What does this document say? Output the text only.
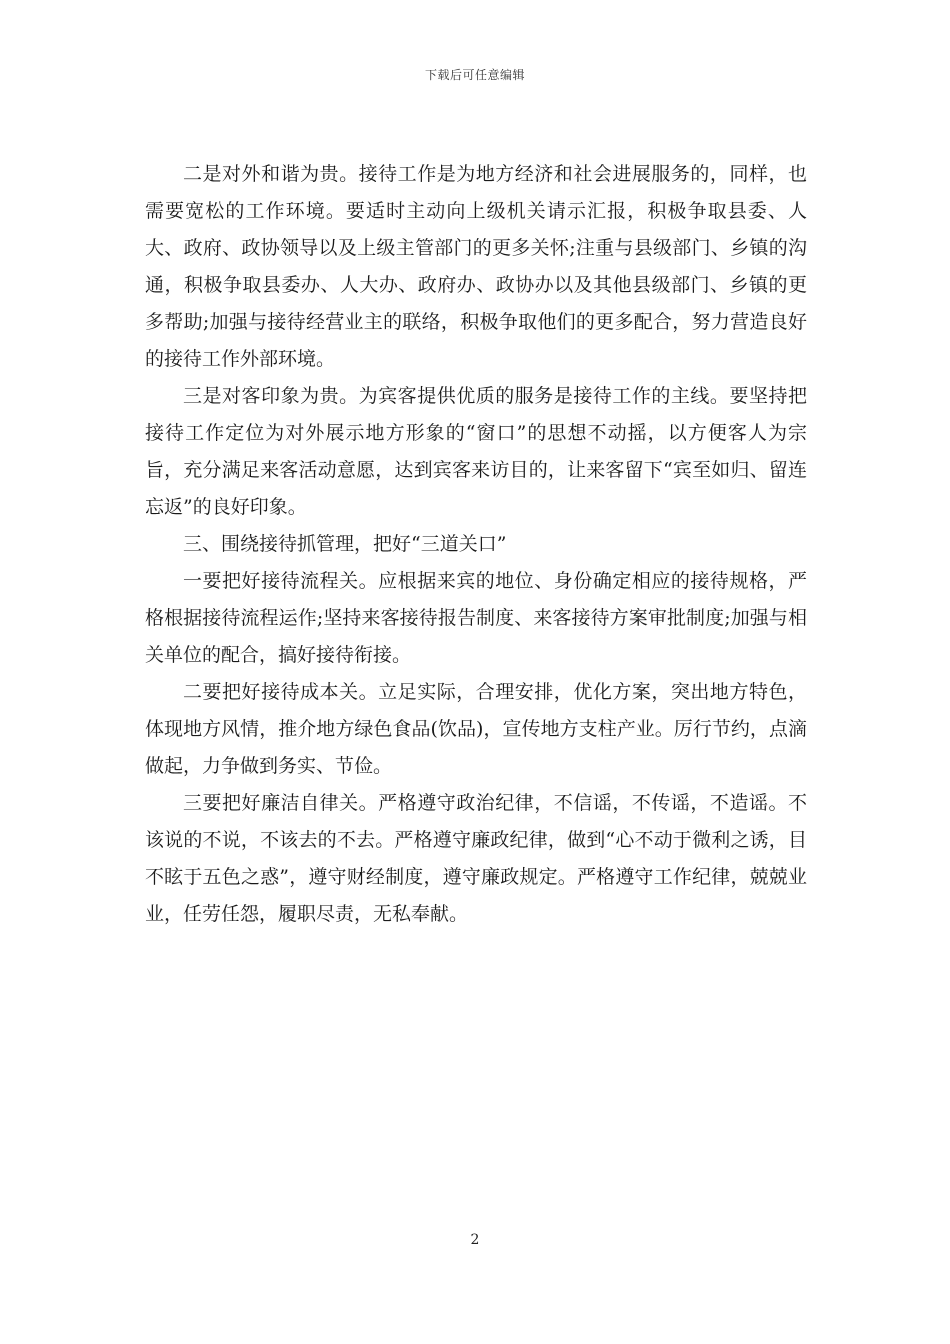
下载后可任意编辑

二是对外和谐为贵。接待工作是为地方经济和社会进展服务的，同样，也需要宽松的工作环境。要适时主动向上级机关请示汇报，积极争取县委、人大、政府、政协领导以及上级主管部门的更多关怀;注重与县级部门、乡镇的沟通，积极争取县委办、人大办、政府办、政协办以及其他县级部门、乡镇的更多帮助;加强与接待经营业主的联络，积极争取他们的更多配合，努力营造良好的接待工作外部环境。

三是对客印象为贵。为宾客提供优质的服务是接待工作的主线。要坚持把接待工作定位为对外展示地方形象的“窗口”的思想不动摇，以方便客人为宗旨，充分满足来客活动意愿，达到宾客来访目的，让来客留下“宾至如归、留连忘返”的良好印象。

三、围绕接待抓管理，把好“三道关口”

一要把好接待流程关。应根据来宾的地位、身份确定相应的接待规格，严格根据接待流程运作;坚持来客接待报告制度、来客接待方案审批制度;加强与相关单位的配合，搞好接待衔接。

二要把好接待成本关。立足实际，合理安排，优化方案，突出地方特色，体现地方风情，推介地方绿色食品(饮品)，宣传地方支柱产业。厉行节约，点滴做起，力争做到务实、节俭。

三要把好廉洁自律关。严格遵守政治纪律，不信谣，不传谣，不造谣。不该说的不说，不该去的不去。严格遵守廉政纪律，做到“心不动于微利之诱，目不眩于五色之惑”，遵守财经制度，遵守廉政规定。严格遵守工作纪律，兢兢业业，任劳任怨，履职尽责，无私奉献。

2
